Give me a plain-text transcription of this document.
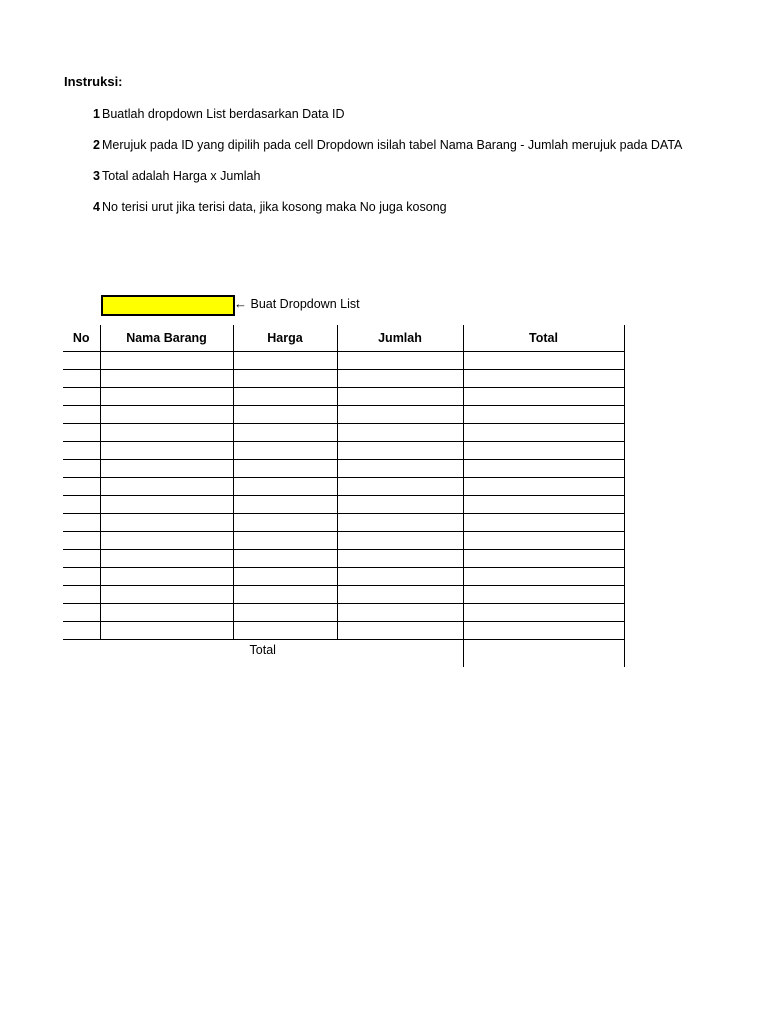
Instruksi:
1 Buatlah dropdown List berdasarkan Data ID
2 Merujuk pada ID yang dipilih pada cell Dropdown isilah tabel Nama Barang - Jumlah merujuk pada DATA
3 Total adalah Harga x Jumlah
4 No terisi urut jika terisi data, jika kosong maka No juga kosong
← Buat Dropdown List
No	Nama Barang	Harga	Jumlah	Total

Total				
